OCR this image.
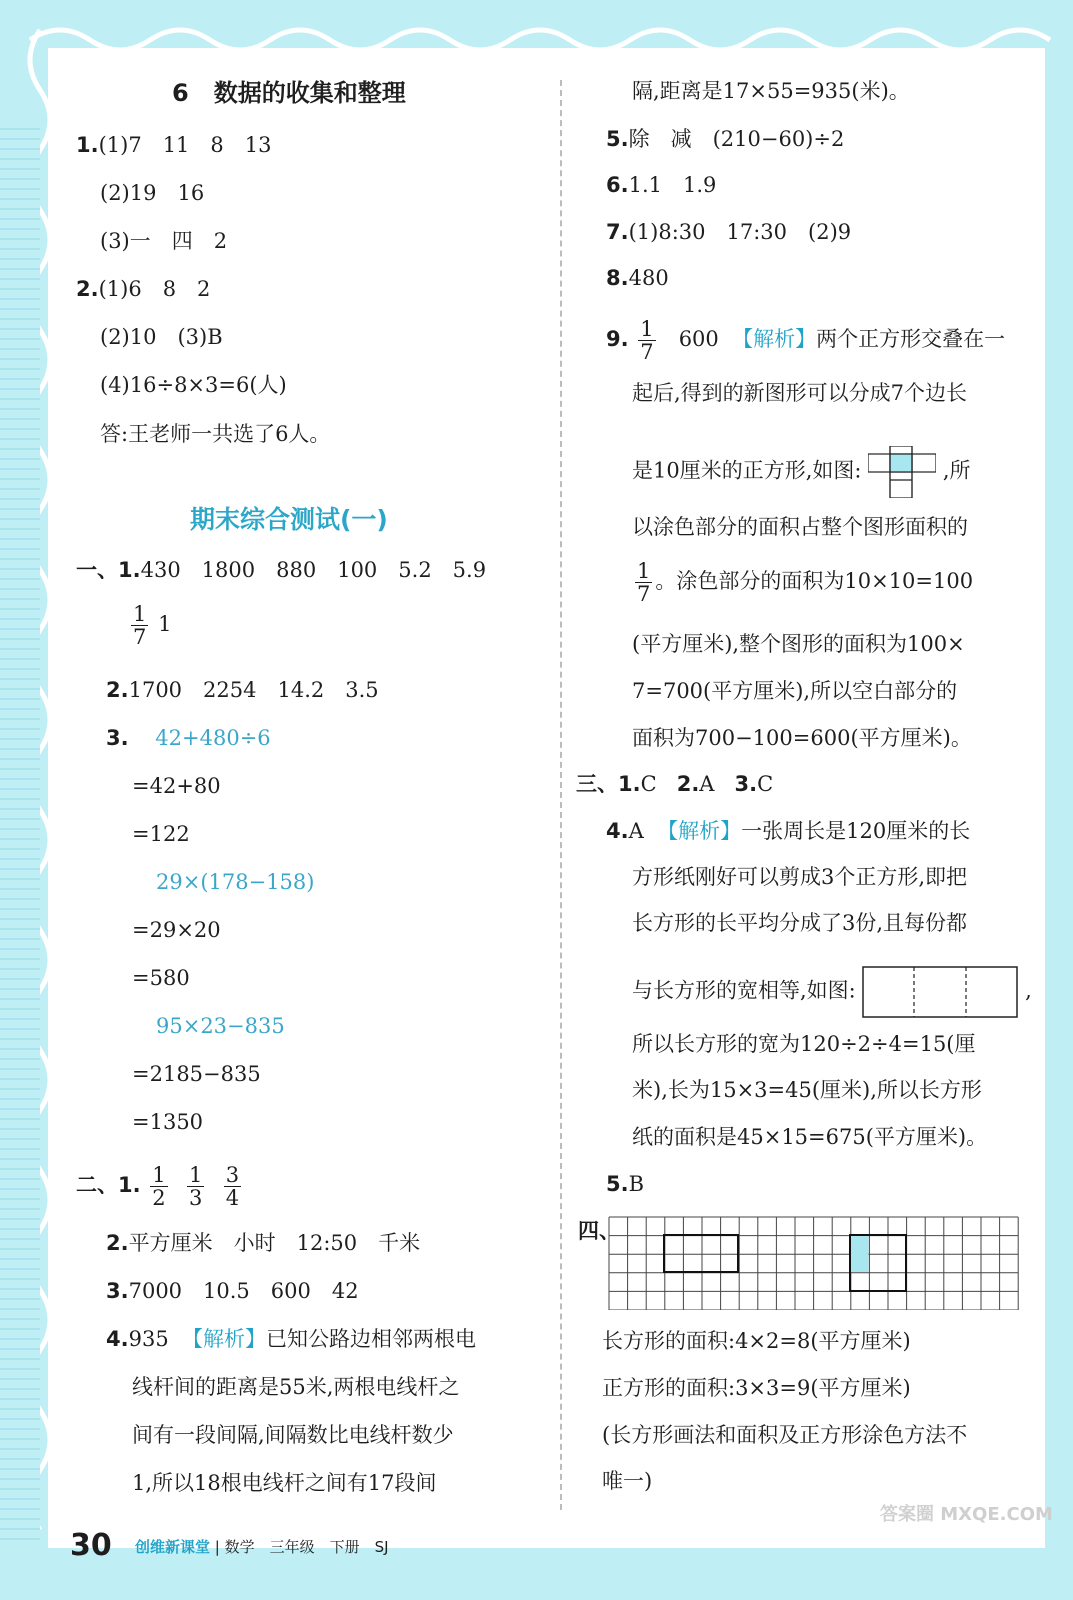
6 数据的收集和整理
1.(1)7　11　8　13
(2)19　16
(3)一　四　2
2.(1)6　8　2
(2)10　(3)B
(4)16÷8×3=6(人)
答:王老师一共选了6人。
期末综合测试(一)
一、1.430　1800　880　100　5.2　5.9
$\frac{1}{7} 1$
2.1700　2254　14.2　3.5
3. 42+480÷6
=42+80
=122
29×(178−158)
=29×20
=580
95×23−835
=2185−835
=1350
二、1. $\frac{1}{2}$
$\frac{1}{3}$
$\frac{3}{4}$
2.平方厘米　小时　12:50　千米
3.7000　10.5　600　42
4.935 【解析】已知公路边相邻两根电
线杆间的距离是55米,两根电线杆之
间有一段间隔,间隔数比电线杆数少
1,所以18根电线杆之间有17段间
隔,距离是17×55=935(米)。
5.除　减　(210−60)÷2
6.1.1　1.9
7.(1)8:30　17:30　(2)9
8.480
9. $\frac{1}{7} 600$ 【解析】两个正方形交叠在一
起后,得到的新图形可以分成7个边长
是10厘米的正方形,如图:	,所
以涂色部分的面积占整个图形面积的
$\frac{1}{7}$ 。涂色部分的面积为10×10=100
(平方厘米),整个图形的面积为100×
7=700(平方厘米),所以空白部分的
面积为700−100=600(平方厘米)。
三、1.C 2.A 3.C
4.A 【解析】一张周长是120厘米的长
方形纸刚好可以剪成3个正方形,即把
长方形的长平均分成了3份,且每份都
与长方形的宽相等,如图:	,
所以长方形的宽为120÷2÷4=15(厘
米),长为15×3=45(厘米),所以长方形
纸的面积是45×15=675(平方厘米)。
5.B
四、
长方形的面积:4×2=8(平方厘米)
正方形的面积:3×3=9(平方厘米)
(长方形画法和面积及正方形涂色方法不
唯一)
30 创维新课堂 | 数学　三年级　下册　SJ
答案圈 MXQE.COM
